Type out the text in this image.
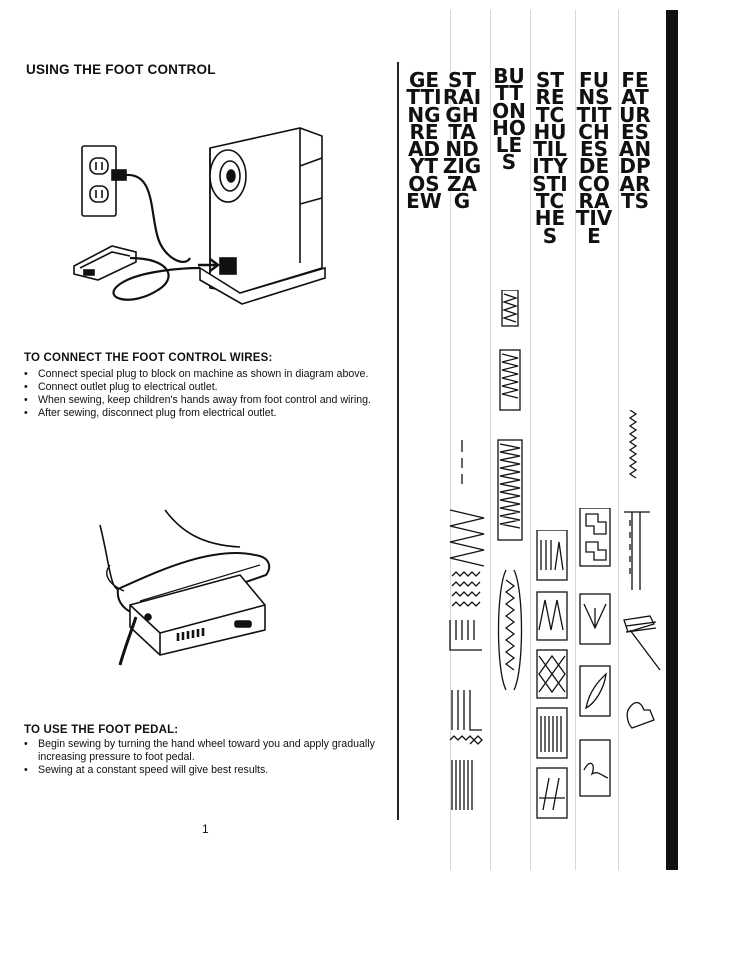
USING THE FOOT CONTROL
TO CONNECT THE FOOT CONTROL WIRES:
• Connect special plug to block on machine as shown in diagram above.
• Connect outlet plug to electrical outlet.
• When sewing, keep children's hands away from foot control and wiring.
• After sewing, disconnect plug from electrical outlet.
TO USE THE FOOT PEDAL:
• Begin sewing by turning the hand wheel toward you and apply gradually increasing pressure to foot pedal.
• Sewing at a constant speed will give best results.
1
GETTINGREADYTOSEW
STRAIGHTANDZIGZAG
BUTTONHOLES
STRETCHUTILITYSTITCHES
FUNSTITCHESDECORATIVE
FEATURESANDPARTS
